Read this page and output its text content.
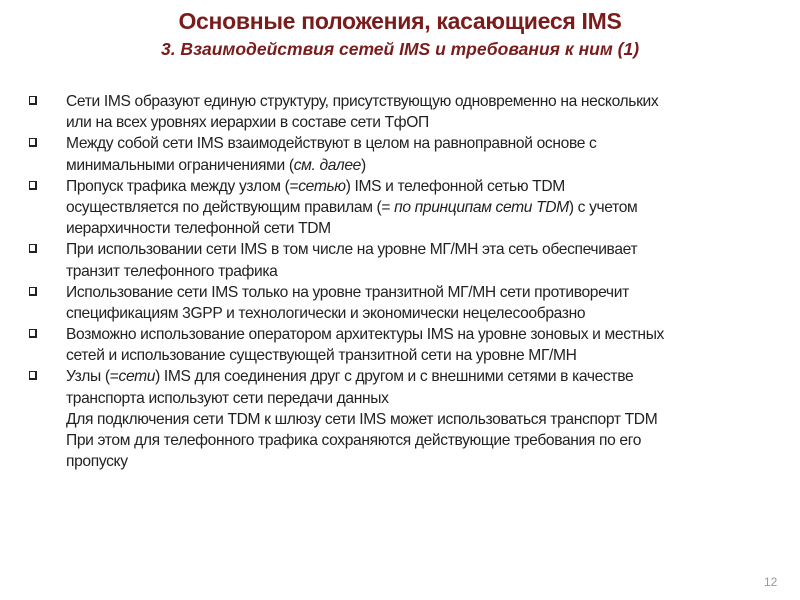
Основные положения, касающиеся IMS
3. Взаимодействия сетей IMS и требования к ним (1)
Сети IMS образуют единую структуру, присутствующую одновременно на нескольких
или на всех уровнях иерархии в составе сети ТфОП
Между собой сети IMS взаимодействуют в целом на равноправной основе с
минимальными ограничениями (см. далее)
Пропуск трафика между узлом (=сетью) IMS и телефонной сетью TDM
осуществляется по действующим правилам (= по принципам сети TDM) с учетом
иерархичности телефонной сети TDM
При использовании сети IMS в том числе на уровне МГ/МН эта сеть обеспечивает
транзит телефонного трафика
Использование сети IMS только на уровне транзитной МГ/МН сети противоречит
спецификациям 3GPP и технологически и экономически нецелесообразно
Возможно использование оператором архитектуры IMS на уровне зоновых и местных
сетей и использование существующей транзитной сети на уровне МГ/МН
Узлы (=сети) IMS для соединения друг с другом и с внешними сетями в качестве
транспорта используют сети передачи данных
Для подключения сети TDM к шлюзу сети IMS может использоваться транспорт TDM
При этом для телефонного трафика сохраняются действующие требования по его
пропуску
12
